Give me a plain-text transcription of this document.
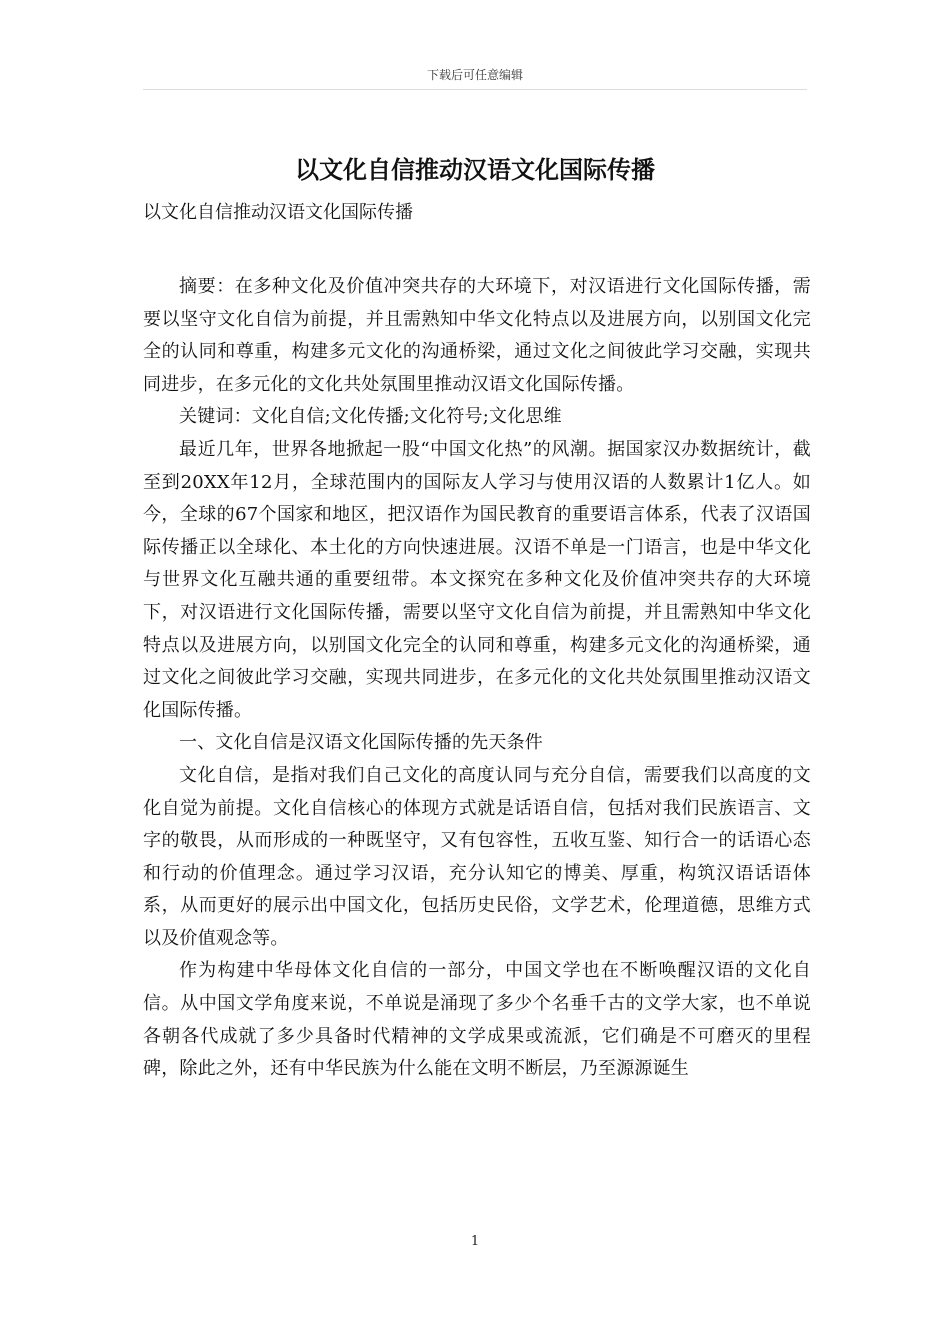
下载后可任意编辑
以文化自信推动汉语文化国际传播
以文化自信推动汉语文化国际传播

摘要：在多种文化及价值冲突共存的大环境下，对汉语进行文化国际传播，需要以坚守文化自信为前提，并且需熟知中华文化特点以及进展方向，以别国文化完全的认同和尊重，构建多元文化的沟通桥梁，通过文化之间彼此学习交融，实现共同进步，在多元化的文化共处氛围里推动汉语文化国际传播。

关键词：文化自信;文化传播;文化符号;文化思维

最近几年，世界各地掀起一股“中国文化热”的风潮。据国家汉办数据统计，截至到20XX年12月，全球范围内的国际友人学习与使用汉语的人数累计1亿人。如今，全球的67个国家和地区，把汉语作为国民教育的重要语言体系，代表了汉语国际传播正以全球化、本土化的方向快速进展。汉语不单是一门语言，也是中华文化与世界文化互融共通的重要纽带。本文探究在多种文化及价值冲突共存的大环境下，对汉语进行文化国际传播，需要以坚守文化自信为前提，并且需熟知中华文化特点以及进展方向，以别国文化完全的认同和尊重，构建多元文化的沟通桥梁，通过文化之间彼此学习交融，实现共同进步，在多元化的文化共处氛围里推动汉语文化国际传播。

一、文化自信是汉语文化国际传播的先天条件

文化自信，是指对我们自己文化的高度认同与充分自信，需要我们以高度的文化自觉为前提。文化自信核心的体现方式就是话语自信，包括对我们民族语言、文字的敬畏，从而形成的一种既坚守，又有包容性，五收互鉴、知行合一的话语心态和行动的价值理念。通过学习汉语，充分认知它的博美、厚重，构筑汉语话语体系，从而更好的展示出中国文化，包括历史民俗，文学艺术，伦理道德，思维方式以及价值观念等。

作为构建中华母体文化自信的一部分，中国文学也在不断唤醒汉语的文化自信。从中国文学角度来说，不单说是涌现了多少个名垂千古的文学大家，也不单说各朝各代成就了多少具备时代精神的文学成果或流派，它们确是不可磨灭的里程碑，除此之外，还有中华民族为什么能在文明不断层，乃至源源诞生

1
